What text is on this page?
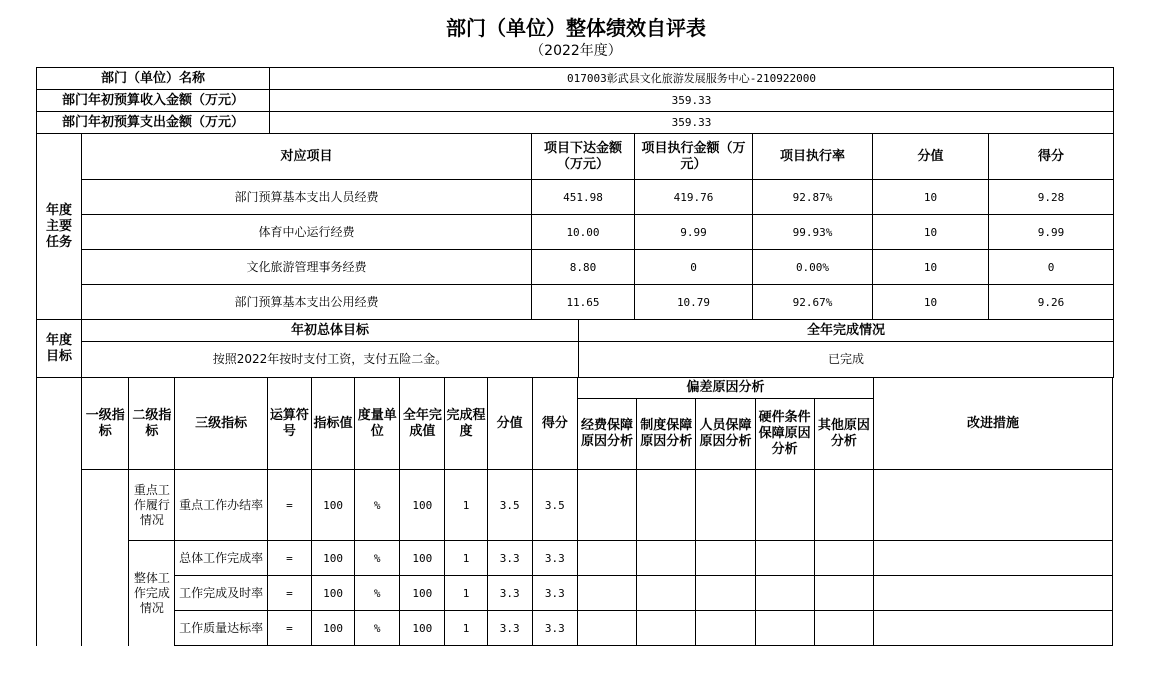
部门（单位）整体绩效自评表
（2022年度）
部门（单位）名称	017003彰武县文化旅游发展服务中心-210922000
部门年初预算收入金额（万元）	359.33
部门年初预算支出金额（万元）	359.33
年度主要任务	对应项目	项目下达金额（万元）	项目执行金额（万元）	项目执行率	分值	得分
	部门预算基本支出人员经费	451.98	419.76	92.87%	10	9.28
	体育中心运行经费	10.00	9.99	99.93%	10	9.99
	文化旅游管理事务经费	8.80	0	0.00%	10	0
	部门预算基本支出公用经费	11.65	10.79	92.67%	10	9.26
年度目标	年初总体目标	全年完成情况
	按照2022年按时支付工资，支付五险二金。	已完成
	一级指标	二级指标	三级指标	运算符号	指标值	度量单位	全年完成值	完成程度	分值	得分	偏差原因分析					改进措施
											经费保障原因分析	制度保障原因分析	人员保障原因分析	硬件条件保障原因分析	其他原因分析	
		重点工作履行情况	重点工作办结率	=	100	%	100	1	3.5	3.5						
		整体工作完成情况	总体工作完成率	=	100	%	100	1	3.3	3.3						
			工作完成及时率	=	100	%	100	1	3.3	3.3						
			工作质量达标率	=	100	%	100	1	3.3	3.3						
